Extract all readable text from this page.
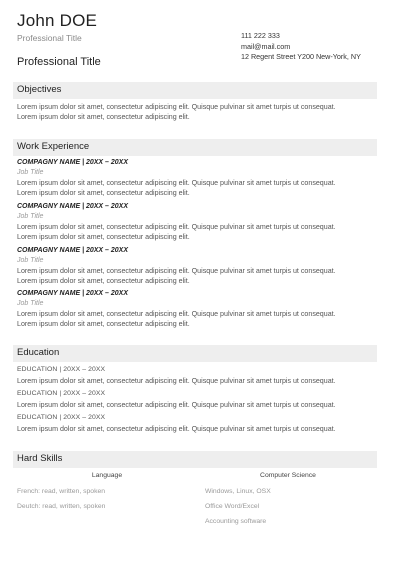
John DOE
Professional Title
Professional Title
111 222 333
mail@mail.com
12 Regent Street Y200 New-York, NY
Objectives
Lorem ipsum dolor sit amet, consectetur adipiscing elit. Quisque pulvinar sit amet turpis ut consequat.
Lorem ipsum dolor sit amet, consectetur adipiscing elit.
Work Experience
COMPAGNY NAME | 20XX – 20XX
Job Title
Lorem ipsum dolor sit amet, consectetur adipiscing elit. Quisque pulvinar sit amet turpis ut consequat.
Lorem ipsum dolor sit amet, consectetur adipiscing elit.
COMPAGNY NAME | 20XX – 20XX
Job Title
Lorem ipsum dolor sit amet, consectetur adipiscing elit. Quisque pulvinar sit amet turpis ut consequat.
Lorem ipsum dolor sit amet, consectetur adipiscing elit.
COMPAGNY NAME | 20XX – 20XX
Job Title
Lorem ipsum dolor sit amet, consectetur adipiscing elit. Quisque pulvinar sit amet turpis ut consequat.
Lorem ipsum dolor sit amet, consectetur adipiscing elit.
COMPAGNY NAME | 20XX – 20XX
Job Title
Lorem ipsum dolor sit amet, consectetur adipiscing elit. Quisque pulvinar sit amet turpis ut consequat.
Lorem ipsum dolor sit amet, consectetur adipiscing elit.
Education
EDUCATION | 20XX – 20XX
Lorem ipsum dolor sit amet, consectetur adipiscing elit. Quisque pulvinar sit amet turpis ut consequat.
EDUCATION | 20XX – 20XX
Lorem ipsum dolor sit amet, consectetur adipiscing elit. Quisque pulvinar sit amet turpis ut consequat.
EDUCATION | 20XX – 20XX
Lorem ipsum dolor sit amet, consectetur adipiscing elit. Quisque pulvinar sit amet turpis ut consequat.
Hard Skills
Language	Computer Science
French: read, written, spoken
Deutch: read, written, spoken
Windows, Linux, OSX
Office Word/Excel
Accounting software
